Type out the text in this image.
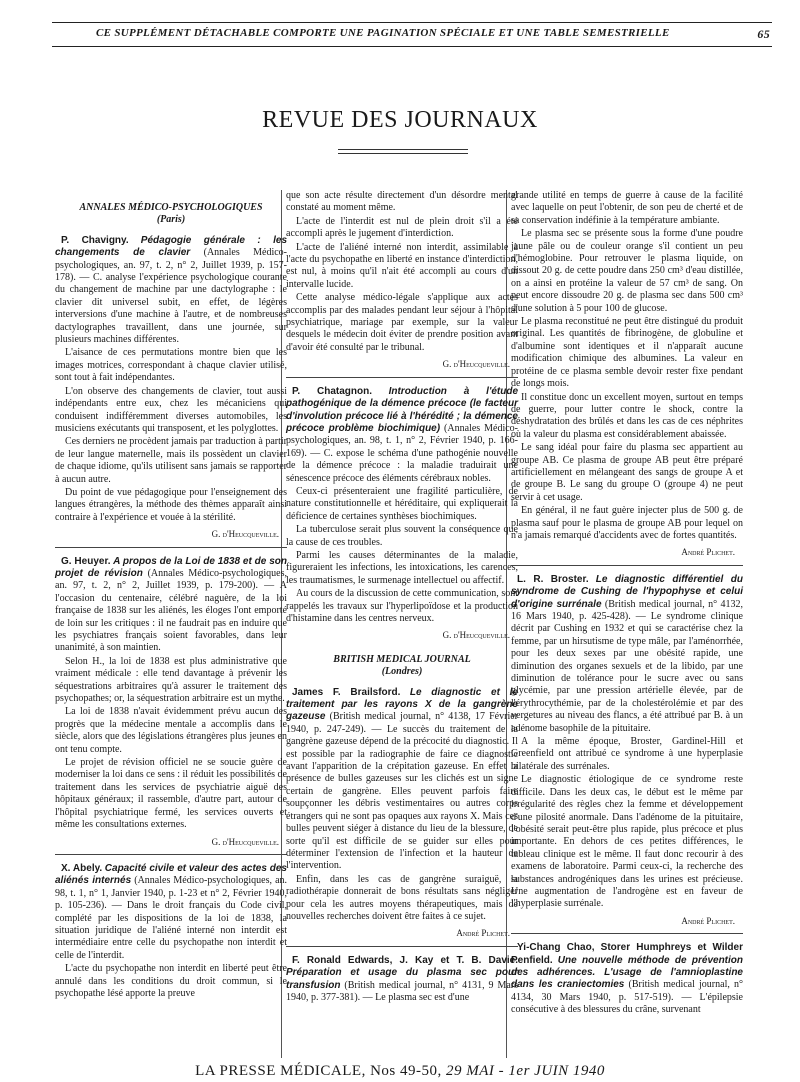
CE SUPPLÉMENT DÉTACHABLE COMPORTE UNE PAGINATION SPÉCIALE ET UNE TABLE SEMESTRIELLE	65
REVUE DES JOURNAUX
ANNALES MÉDICO-PSYCHOLOGIQUES
(Paris)

P. Chavigny. Pédagogie générale : les changements de clavier (Annales Médico-psychologiques, an. 97, t. 2, n° 2, Juillet 1939, p. 157-178). — C. analyse l'expérience psychologique courante du changement de machine par une dactylographe : le clavier dit universel subit, en effet, de légères interversions d'une machine à l'autre, et de nombreuses dactylographes travaillent, dans une journée, sur plusieurs machines différentes.

L'aisance de ces permutations montre bien que les images motrices, correspondant à chaque clavier utilisé, sont tout à fait indépendantes.

L'on observe des changements de clavier, tout aussi indépendants entre eux, chez les mécaniciens qui conduisent indifféremment diverses automobiles, les musiciens exécutants qui transposent, et les polyglottes.

Ces derniers ne procèdent jamais par traduction à partir de leur langue maternelle, mais ils possèdent un clavier de chaque idiome, qu'ils utilisent sans jamais se rapporter à aucun autre.

Du point de vue pédagogique pour l'enseignement des langues étrangères, la méthode des thèmes apparaît ainsi contraire à l'expérience et vouée à la stérilité.

G. d'Heucqueville.

G. Heuyer. A propos de la Loi de 1838 et de son projet de révision (Annales Médico-psychologiques, an. 97, t. 2, n° 2, Juillet 1939, p. 179-200). — A l'occasion du centenaire, célébré naguère, de la loi française de 1838 sur les aliénés, les éloges l'ont emporté de loin sur les critiques : il ne faudrait pas en induire que les psychiatres français soient favorables, dans leur unanimité, à son maintien.

Selon H., la loi de 1838 est plus administrative que vraiment médicale : elle tend davantage à prévenir les séquestrations arbitraires qu'à assurer le traitement des psychopathes; or, la séquestration arbitraire est un mythe.

La loi de 1838 n'avait évidemment prévu aucun des progrès que la médecine mentale a accomplis dans le siècle, alors que des législations étrangères plus jeunes en ont tenu compte.

Le projet de révision officiel ne se soucie guère de moderniser la loi dans ce sens : il réduit les possibilités de traitement dans les services de psychiatrie aiguë des hôpitaux généraux; il rassemble, d'autre part, autour de l'hôpital psychiatrique fermé, les services ouverts et même les consultations externes.

G. d'Heucqueville.

X. Abely. Capacité civile et valeur des actes des aliénés internés (Annales Médico-psychologiques, an. 98, t. 1, n° 1, Janvier 1940, p. 1-23 et n° 2, Février 1940, p. 105-236). — Dans le droit français du Code civil, complété par les dispositions de la loi de 1838, la situation juridique de l'aliéné interné non interdit est intermédiaire entre celle du psychopathe non interdit et celle de l'interdit.

L'acte du psychopathe non interdit en liberté peut être annulé dans les conditions du droit commun, si le psychopathe lésé apporte la preuve

que son acte résulte directement d'un désordre mental constaté au moment même.

L'acte de l'interdit est nul de plein droit s'il a été accompli après le jugement d'interdiction.

L'acte de l'aliéné interné non interdit, assimilable à l'acte du psychopathe en liberté en instance d'interdiction, est nul, à moins qu'il n'ait été accompli au cours d'un intervalle lucide.

Cette analyse médico-légale s'applique aux actes accomplis par des malades pendant leur séjour à l'hôpital psychiatrique, mariage par exemple, sur la valeur desquels le médecin doit éviter de prendre position avant d'avoir été consulté par le tribunal.

G. d'Heucqueville.

P. Chatagnon. Introduction à l'étude pathogénique de la démence précoce (le facteur d'involution précoce lié à l'hérédité ; la démence précoce problème biochimique) (Annales Médico-psychologiques, an. 98, t. 1, n° 2, Février 1940, p. 166-169). — C. expose le schéma d'une pathogénie nouvelle de la démence précoce : la maladie traduirait une sénescence précoce des éléments cérébraux nobles.

Ceux-ci présenteraient une fragilité particulière, de nature constitutionnelle et héréditaire, qui expliquerait la déficience de certaines synthèses biochimiques.

La tuberculose serait plus souvent la conséquence que la cause de ces troubles.

Parmi les causes déterminantes de la maladie, figureraient les infections, les intoxications, les carences, les traumatismes, le surmenage intellectuel ou affectif.

Au cours de la discussion de cette communication, sont rappelés les travaux sur l'hyperlipoïdose et la production d'histamine dans les centres nerveux.

G. d'Heucqueville.

BRITISH MEDICAL JOURNAL
(Londres)

James F. Brailsford. Le diagnostic et le traitement par les rayons X de la gangrène gazeuse (British medical journal, n° 4138, 17 Février 1940, p. 247-249). — Le succès du traitement de la gangrène gazeuse dépend de la précocité du diagnostic. Il est possible par la radiographie de faire ce diagnostic avant l'apparition de la crépitation gazeuse. En effet la présence de bulles gazeuses sur les clichés est un signe certain de gangrène. Elles peuvent parfois faire soupçonner les débris vestimentaires ou autres corps étrangers qui ne sont pas opaques aux rayons X. Mais ces bulles peuvent siéger à distance du lieu de la blessure, de sorte qu'il est difficile de se guider sur elles pour déterminer l'extension de l'infection et la hauteur de l'intervention.

Enfin, dans les cas de gangrène suraiguë, la radiothérapie donnerait de bons résultats sans négliger pour cela les autres moyens thérapeutiques, mais de nouvelles recherches doivent être faites à ce sujet.

André Plichet.

F. Ronald Edwards, J. Kay et T. B. Davie. Préparation et usage du plasma sec pour transfusion (British medical journal, n° 4131, 9 Mars 1940, p. 377-381). — Le plasma sec est d'une

grande utilité en temps de guerre à cause de la facilité avec laquelle on peut l'obtenir, de son peu de cherté et de sa conservation indéfinie à la température ambiante.

Le plasma sec se présente sous la forme d'une poudre jaune pâle ou de couleur orange s'il contient un peu d'hémoglobine. Pour retrouver le plasma liquide, on dissout 20 g. de cette poudre dans 250 cm³ d'eau distillée, on a ainsi en protéine la valeur de 57 cm³ de sang. On peut encore dissoudre 20 g. de plasma sec dans 500 cm³ d'une solution à 5 pour 100 de glucose.

Le plasma reconstitué ne peut être distingué du produit original. Les quantités de fibrinogène, de globuline et d'albumine sont identiques et il n'apparaît aucune modification chimique des albumines. La valeur en protéine de ce plasma semble devoir rester fixe pendant de longs mois.

Il constitue donc un excellent moyen, surtout en temps de guerre, pour lutter contre le shock, contre la déshydratation des brûlés et dans les cas de ces néphrites où la valeur du plasma est considérablement abaissée.

Le sang idéal pour faire du plasma sec appartient au groupe AB. Ce plasma de groupe AB peut être préparé artificiellement en mélangeant des sangs de groupe A et de groupe B. Le sang du groupe O (groupe 4) ne peut servir à cet usage.

En général, il ne faut guère injecter plus de 500 g. de plasma sauf pour le plasma de groupe AB pour lequel on n'a jamais remarqué d'accidents avec de fortes quantités.

André Plichet.

L. R. Broster. Le diagnostic différentiel du syndrome de Cushing de l'hypophyse et celui d'origine surrénale (British medical journal, n° 4132, 16 Mars 1940, p. 425-428). — Le syndrome clinique décrit par Cushing en 1932 et qui se caractérise chez la femme, par un hirsutisme de type mâle, par l'aménorrhée, pour les deux sexes par une obésité rapide, une diminution des organes sexuels et de la libido, par une diminution de tolérance pour le sucre avec ou sans glycémie, par une pression artérielle élevée, par de l'érythrocythémie, par de la cholestérolémie et par des vergetures au niveau des flancs, a été attribué par B. à un adénome basophile de la pituitaire.

A la même époque, Broster, Gardinel-Hill et Greenfield ont attribué ce syndrome à une hyperplasie bilatérale des surrénales.

Le diagnostic étiologique de ce syndrome reste difficile. Dans les deux cas, le début est le même par irrégularité des règles chez la femme et développement d'une pilosité anormale. Dans l'adénome de la pituitaire, l'obésité serait peut-être plus rapide, plus précoce et plus importante. En dehors de ces petites différences, le tableau clinique est le même. Il faut donc recourir à des examens de laboratoire. Parmi ceux-ci, la recherche des substances androgéniques dans les urines est précieuse. Une augmentation de l'androgène est en faveur de l'hyperplasie surrénale.

André Plichet.

Yi-Chang Chao, Storer Humphreys et Wilder Penfield. Une nouvelle méthode de prévention des adhérences. L'usage de l'amnioplastine dans les craniectomies (British medical journal, n° 4134, 30 Mars 1940, p. 517-519). — L'épilepsie consécutive à des blessures du crâne, survenant

LA PRESSE MÉDICALE, Nos 49-50, 29 MAI - 1er JUIN 1940
